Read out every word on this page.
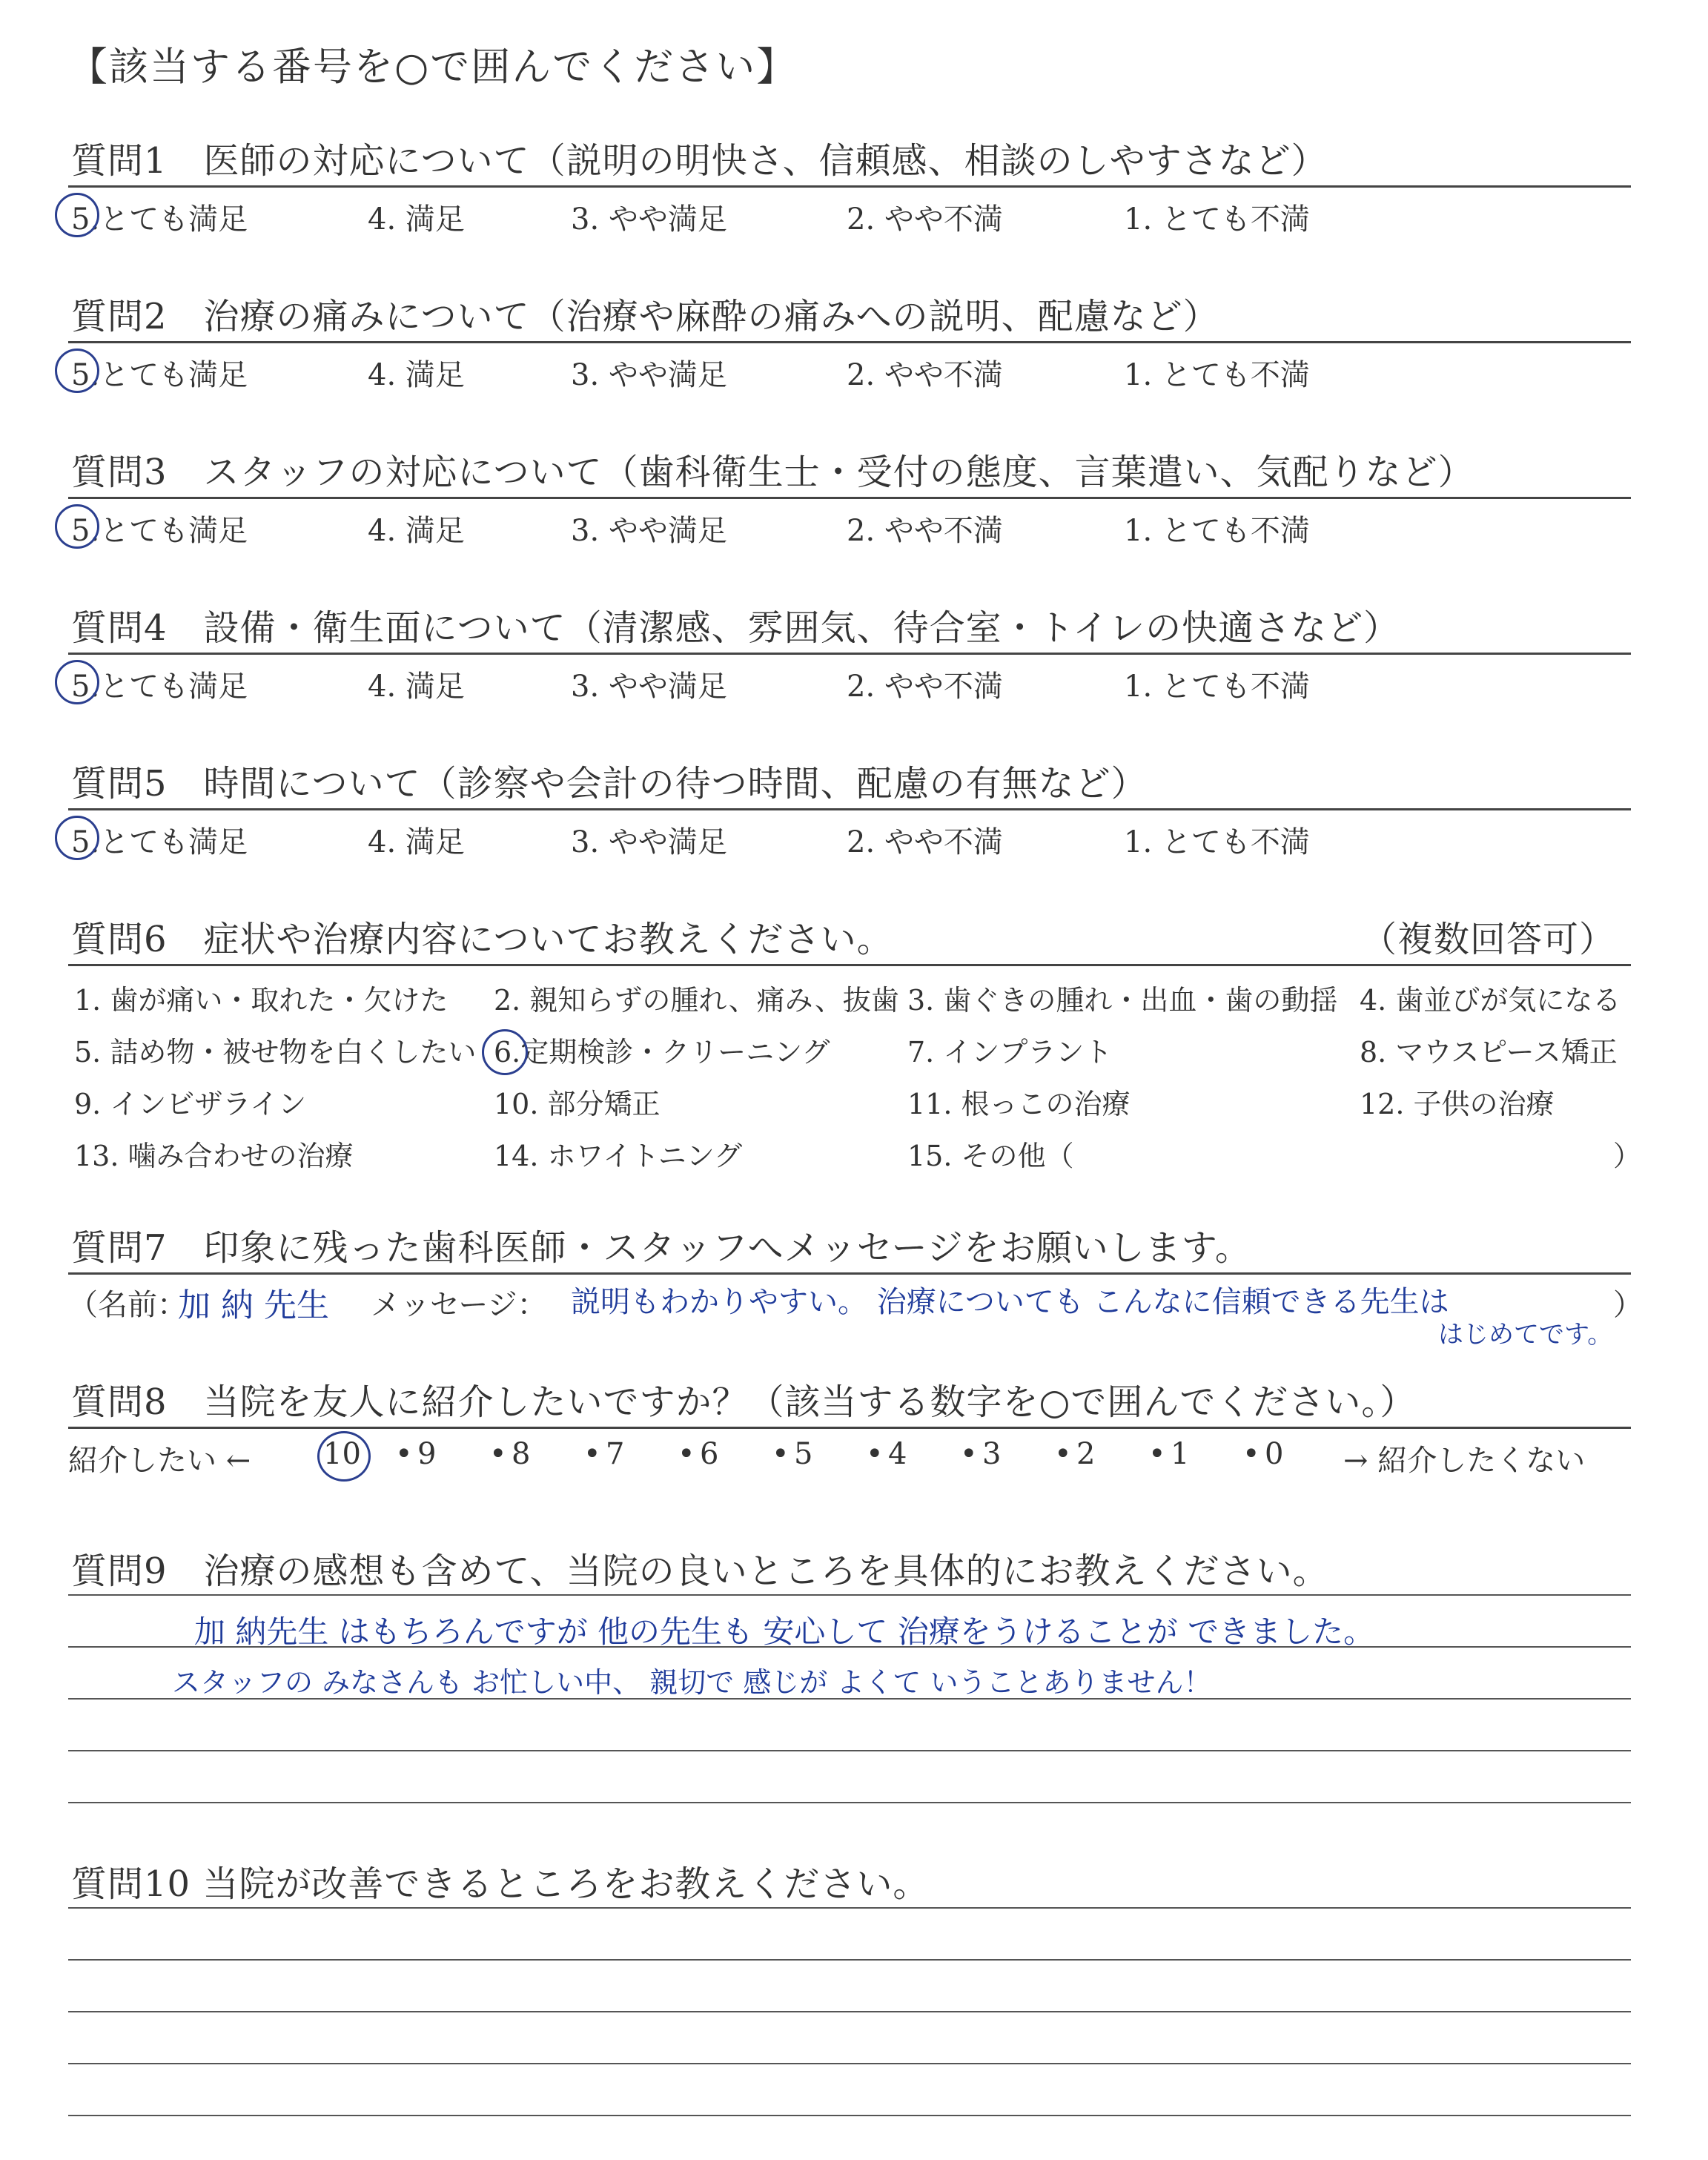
【該当する番号を○で囲んでください】
質問1　医師の対応について（説明の明快さ、信頼感、相談のしやすさなど）
5.とても満足	4. 満足	3. やや満足	2. やや不満	1. とても不満
質問2　治療の痛みについて（治療や麻酔の痛みへの説明、配慮など）
5.とても満足	4. 満足	3. やや満足	2. やや不満	1. とても不満
質問3　スタッフの対応について（歯科衛生士・受付の態度、言葉遣い、気配りなど）
5.とても満足	4. 満足	3. やや満足	2. やや不満	1. とても不満
質問4　設備・衛生面について（清潔感、雰囲気、待合室・トイレの快適さなど）
5.とても満足	4. 満足	3. やや満足	2. やや不満	1. とても不満
質問5　時間について（診察や会計の待つ時間、配慮の有無など）
5.とても満足	4. 満足	3. やや満足	2. やや不満	1. とても不満
質問6　症状や治療内容についてお教えください。	（複数回答可）
1. 歯が痛い・取れた・欠けた 2. 親知らずの腫れ、痛み、抜歯 3. 歯ぐきの腫れ・出血・歯の動揺 4. 歯並びが気になる
5. 詰め物・被せ物を白くしたい 6.定期検診・クリーニング	7. インプラント	8. マウスピース矯正
9. インビザライン	10. 部分矯正	11. 根っこの治療	12. 子供の治療
13. 噛み合わせの治療	14. ホワイトニング	15. その他（	）
質問7　印象に残った歯科医師・スタッフへメッセージをお願いします。
（名前：
加 納 先生 メッセージ： 説明もわかりやすい。 治療についても こんなに信頼できる先生は
はじめてです。
）
質問8　当院を友人に紹介したいですか？（該当する数字を○で囲んでください。）
紹介したい ← 10 • 9 • 8 • 7 • 6 • 5 • 4 • 3 • 2 • 1 • 0 → 紹介したくない
質問9　治療の感想も含めて、当院の良いところを具体的にお教えください。
加 納先生 はもちろんですが 他の先生も 安心して 治療をうけることが できました。
スタッフの みなさんも お忙しい中、 親切で 感じが よくて いうことありません！
質問10 当院が改善できるところをお教えください。
